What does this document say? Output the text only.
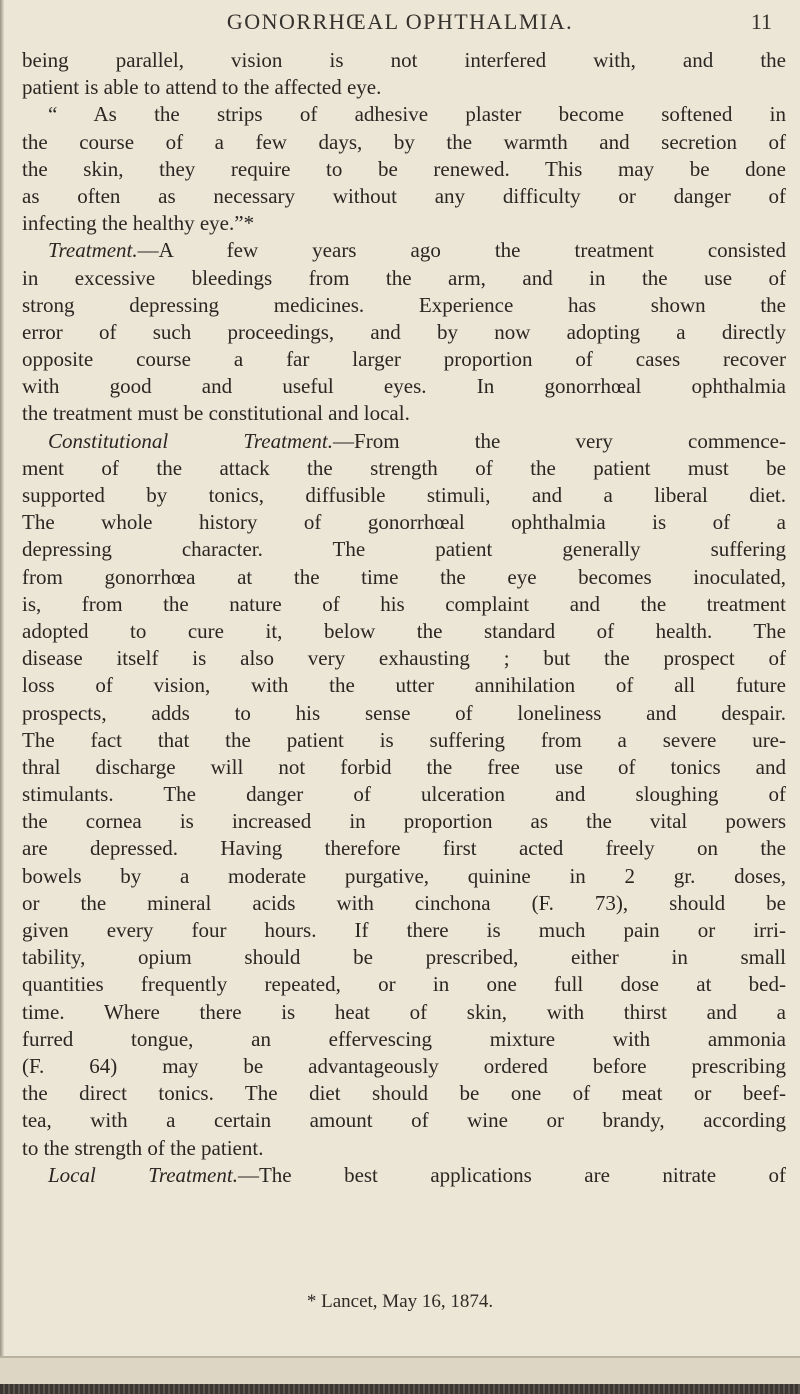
GONORRHŒAL OPHTHALMIA.	11
being parallel, vision is not interfered with, and the
patient is able to attend to the affected eye.
“ As the strips of adhesive plaster become softened in
the course of a few days, by the warmth and secretion of
the skin, they require to be renewed. This may be done
as often as necessary without any difficulty or danger of
infecting the healthy eye.”*
Treatment.—A few years ago the treatment consisted
in excessive bleedings from the arm, and in the use of
strong depressing medicines. Experience has shown the
error of such proceedings, and by now adopting a directly
opposite course a far larger proportion of cases recover
with good and useful eyes. In gonorrhœal ophthalmia
the treatment must be constitutional and local.
Constitutional Treatment.—From the very commence-
ment of the attack the strength of the patient must be
supported by tonics, diffusible stimuli, and a liberal diet.
The whole history of gonorrhœal ophthalmia is of a
depressing character. The patient generally suffering
from gonorrhœa at the time the eye becomes inoculated,
is, from the nature of his complaint and the treatment
adopted to cure it, below the standard of health. The
disease itself is also very exhausting ; but the prospect of
loss of vision, with the utter annihilation of all future
prospects, adds to his sense of loneliness and despair.
The fact that the patient is suffering from a severe ure-
thral discharge will not forbid the free use of tonics and
stimulants. The danger of ulceration and sloughing of
the cornea is increased in proportion as the vital powers
are depressed. Having therefore first acted freely on the
bowels by a moderate purgative, quinine in 2 gr. doses,
or the mineral acids with cinchona (F. 73), should be
given every four hours. If there is much pain or irri-
tability, opium should be prescribed, either in small
quantities frequently repeated, or in one full dose at bed-
time. Where there is heat of skin, with thirst and a
furred tongue, an effervescing mixture with ammonia
(F. 64) may be advantageously ordered before prescribing
the direct tonics. The diet should be one of meat or beef-
tea, with a certain amount of wine or brandy, according
to the strength of the patient.
Local Treatment.—The best applications are nitrate of
* Lancet, May 16, 1874.
